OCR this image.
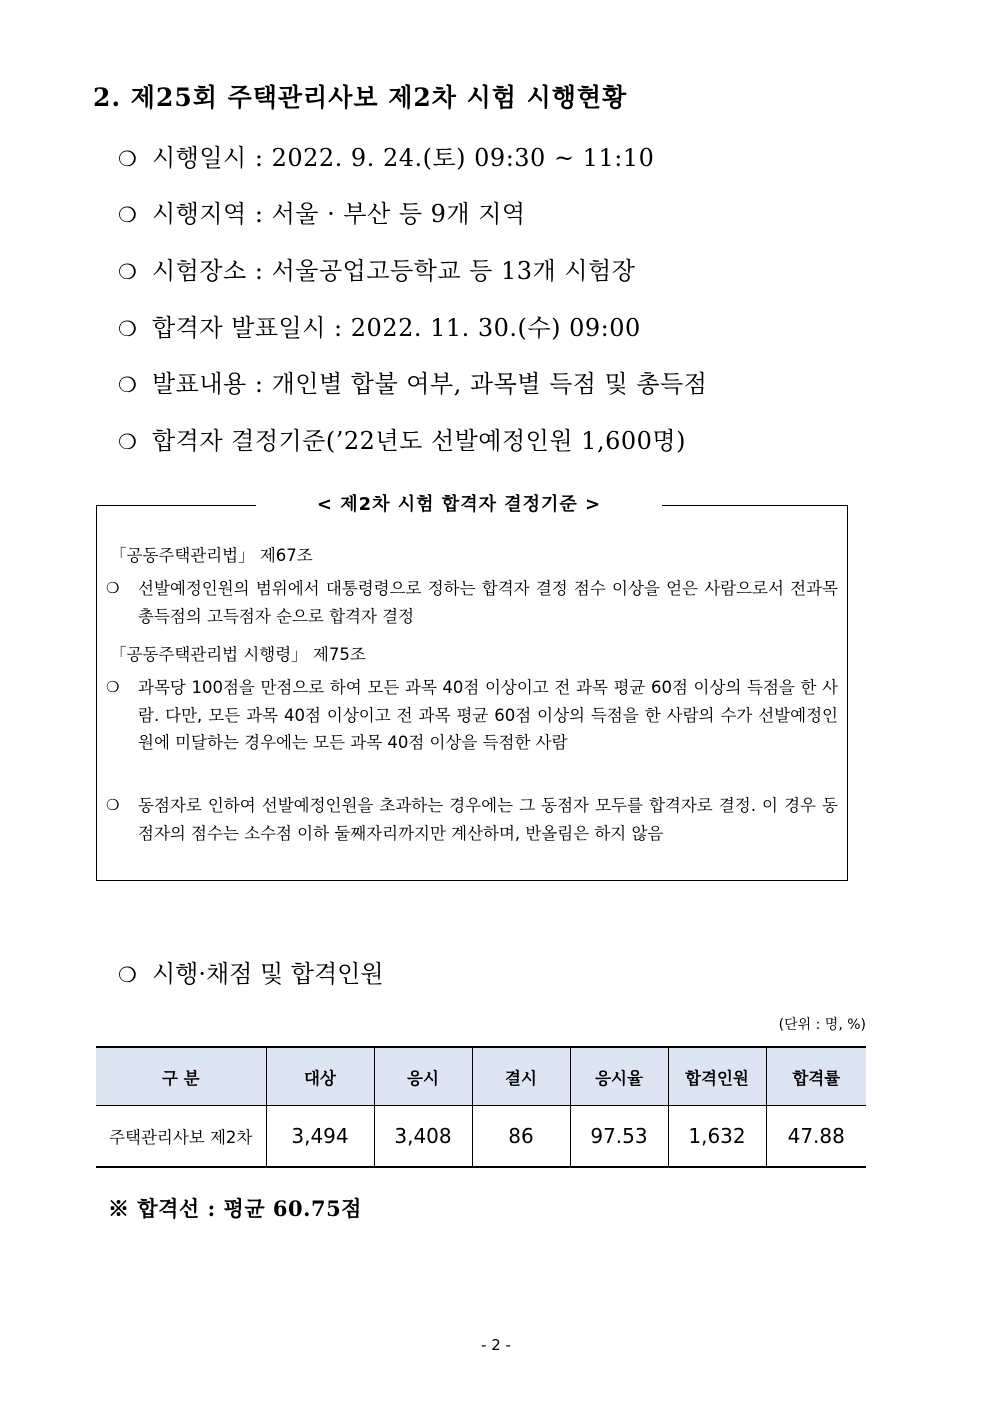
2. 제25회 주택관리사보 제2차 시험 시행현황
❍ 시행일시 : 2022. 9. 24.(토) 09:30 ~ 11:10
❍ 시행지역 : 서울 · 부산 등 9개 지역
❍ 시험장소 : 서울공업고등학교 등 13개 시험장
❍ 합격자 발표일시 : 2022. 11. 30.(수) 09:00
❍ 발표내용 : 개인별 합불 여부, 과목별 득점 및 총득점
❍ 합격자 결정기준(’22년도 선발예정인원 1,600명)
< 제2차 시험 합격자 결정기준 >
「공동주택관리법」 제67조
❍	선발예정인원의 범위에서 대통령령으로 정하는 합격자 결정 점수 이상을 얻은 사람으로서 전과목 총득점의 고득점자 순으로 합격자 결정
「공동주택관리법 시행령」 제75조
❍	과목당 100점을 만점으로 하여 모든 과목 40점 이상이고 전 과목 평균 60점 이상의 득점을 한 사람. 다만, 모든 과목 40점 이상이고 전 과목 평균 60점 이상의 득점을 한 사람의 수가 선발예정인원에 미달하는 경우에는 모든 과목 40점 이상을 득점한 사람
❍	동점자로 인하여 선발예정인원을 초과하는 경우에는 그 동점자 모두를 합격자로 결정. 이 경우 동점자의 점수는 소수점 이하 둘째자리까지만 계산하며, 반올림은 하지 않음
❍ 시행·채점 및 합격인원
(단위 : 명, %)
구 분	대상	응시	결시	응시율	합격인원	합격률
주택관리사보 제2차	3,494	3,408	86	97.53	1,632	47.88
※ 합격선 : 평균 60.75점
- 2 -
